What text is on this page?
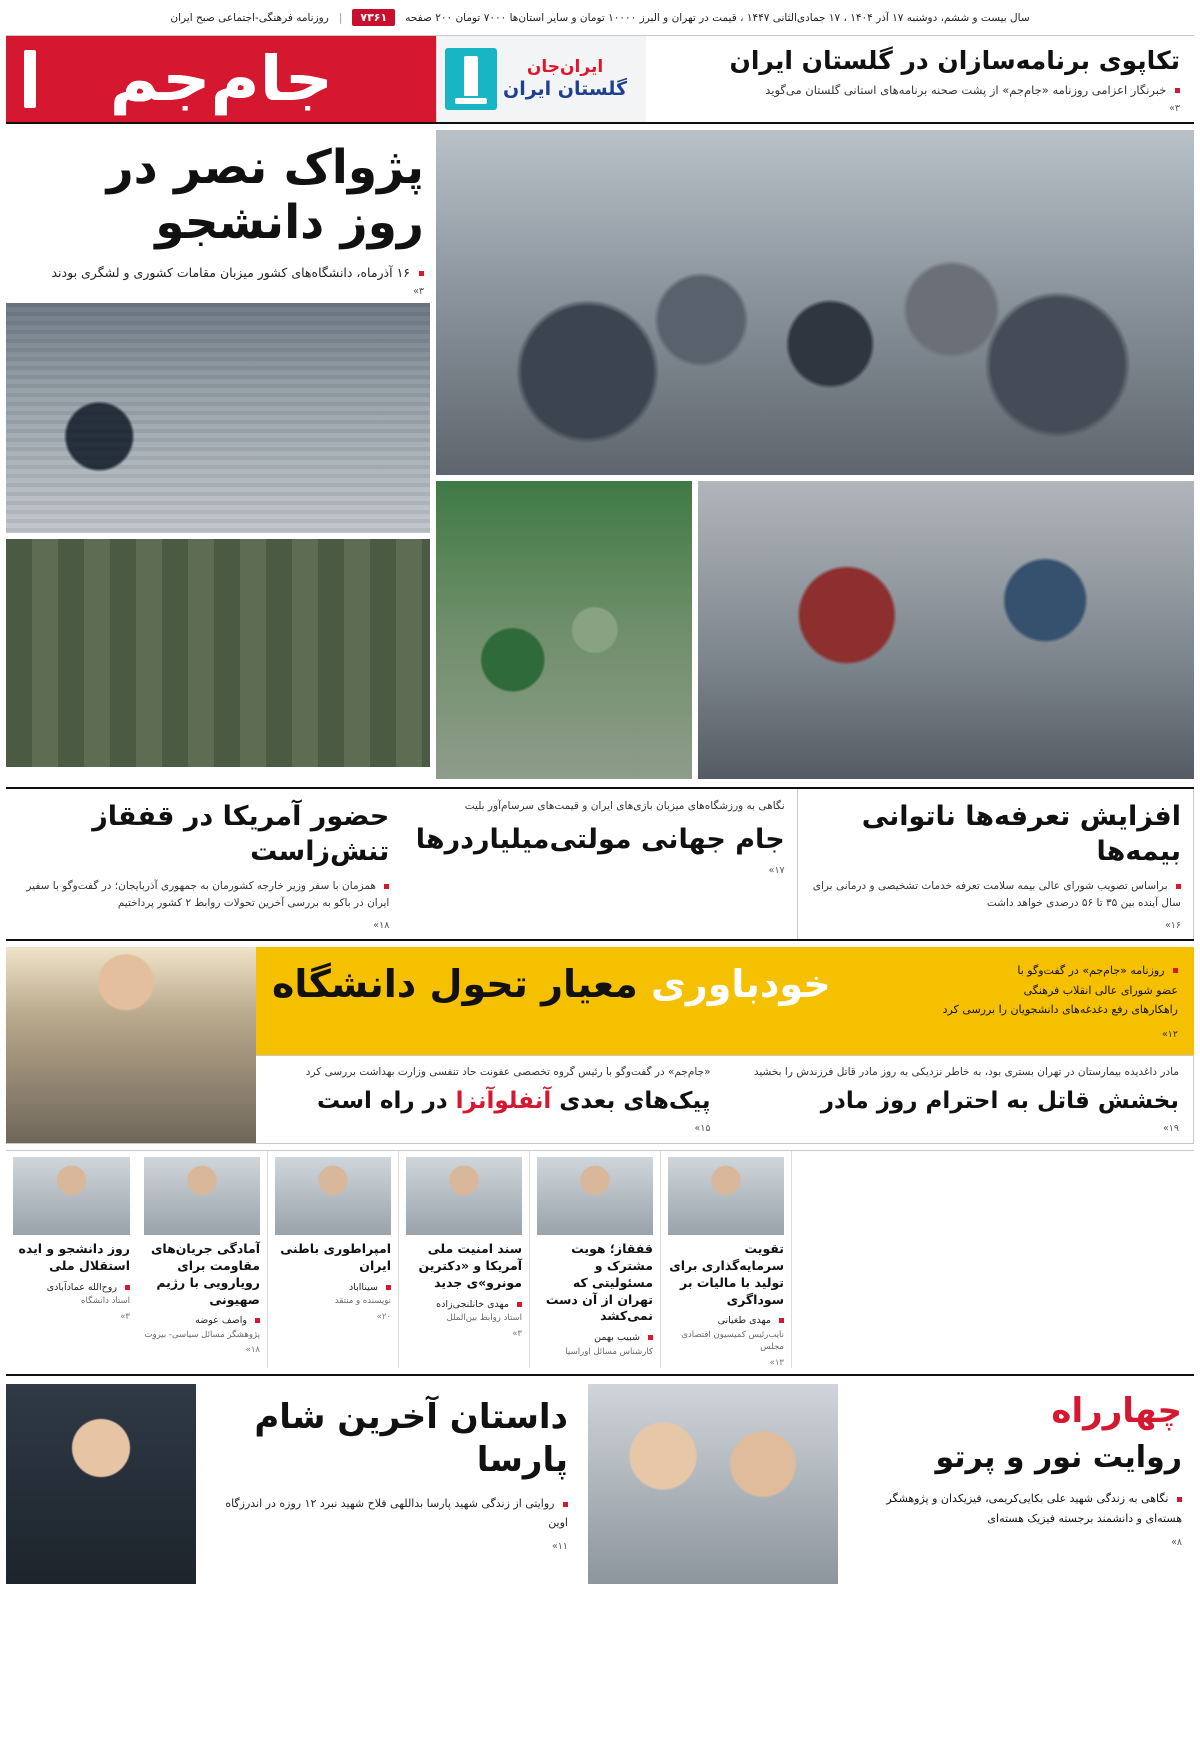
روزنامه فرهنگی-اجتماعی صبح ایران |	۷۳۶۱	سال بیست و ششم، دوشنبه ۱۷ آذر ۱۴۰۴ ، ۱۷ جمادی‌الثانی ۱۴۴۷ ، قیمت در تهران و البرز ۱۰۰۰۰ تومان و سایر استان‌ها ۷۰۰۰ تومان ۲۰۰ صفحه
جام‌جم	ایران‌جان
گلستان ایران
تکاپوی برنامه‌سازان در گلستان ایران
خبرنگار اعزامی روزنامه «جام‌جم» از پشت صحنه برنامه‌های استانی گلستان می‌گوید
۳»
پژواک نصر در روز دانشجو
۱۶ آذرماه، دانشگاه‌های کشور میزبان مقامات کشوری و لشگری بودند
۳»
حضور آمریکا در قفقاز تنش‌زاست
همزمان با سفر وزیر خارجه کشورمان به جمهوری آذربایجان؛ در گفت‌وگو با سفیر ایران در باکو به بررسی آخرین تحولات روابط ۲ کشور پرداختیم
۱۸»
نگاهی به ورزشگاه‌های میزبان بازی‌های ایران و قیمت‌های سرسام‌آور بلیت
جام جهانی مولتی‌میلیاردرها
۱۷»
افزایش تعرفه‌ها ناتوانی بیمه‌ها
براساس تصویب شورای عالی بیمه سلامت تعرفه خدمات تشخیصی و درمانی برای سال آینده بین ۳۵ تا ۵۶ درصدی خواهد داشت
۱۶»
خودباوری معیار تحول دانشگاه	روزنامه «جام‌جم» در گفت‌وگو با
عضو شورای عالی انقلاب فرهنگی
راهکارهای رفع دغدغه‌های دانشجویان را بررسی کرد
۱۲»
«جام‌جم» در گفت‌وگو با رئیس گروه تخصصی عفونت حاد تنفسی وزارت بهداشت بررسی کرد
پیک‌های بعدی آنفلوآنزا در راه است
۱۵»
مادر داغدیده بیمارستان در تهران بستری بود، به خاطر نزدیکی به روز مادر قاتل فرزندش را بخشید
بخشش قاتل به احترام روز مادر
۱۹»
روز دانشجو و ایده استقلال ملی
روح‌الله عمادآبادی
استاد دانشگاه
۳»
آمادگی جریان‌های مقاومت برای رویارویی با رژیم صهیونی
واصف عوضه
پژوهشگر مسائل سیاسی- بیروت
۱۸»
امپراطوری باطنی ایران
سینا‌اباد
نویسنده و منتقد
۲۰»
سند امنیت ملی آمریکا و «دکترین مونرو»ی جدید
مهدی خانلنجی‌زاده
استاد روابط بین‌الملل
۳»
قفقاز؛ هویت مشترک و مسئولیتی که تهران از آن دست نمی‌کشد
شبیب بهمن
کارشناس مسائل اوراسیا
تقویت سرمایه‌گذاری برای تولید با مالیات بر سوداگری
مهدی طغیانی
نایب‌رئیس کمیسیون اقتصادی مجلس
۱۳»
داستان آخرین شام پارسا
روایتی از زندگی شهید پارسا بداللهی فلاح شهید نبرد ۱۲ روزه در اندرزگاه اوین
۱۱»
چهارراه
روایت نور و پرتو
نگاهی به زندگی شهید علی بکایی‌کریمی، فیزیکدان و پژوهشگر هسته‌ای و دانشمند برجسته فیزیک هسته‌ای
۸»
